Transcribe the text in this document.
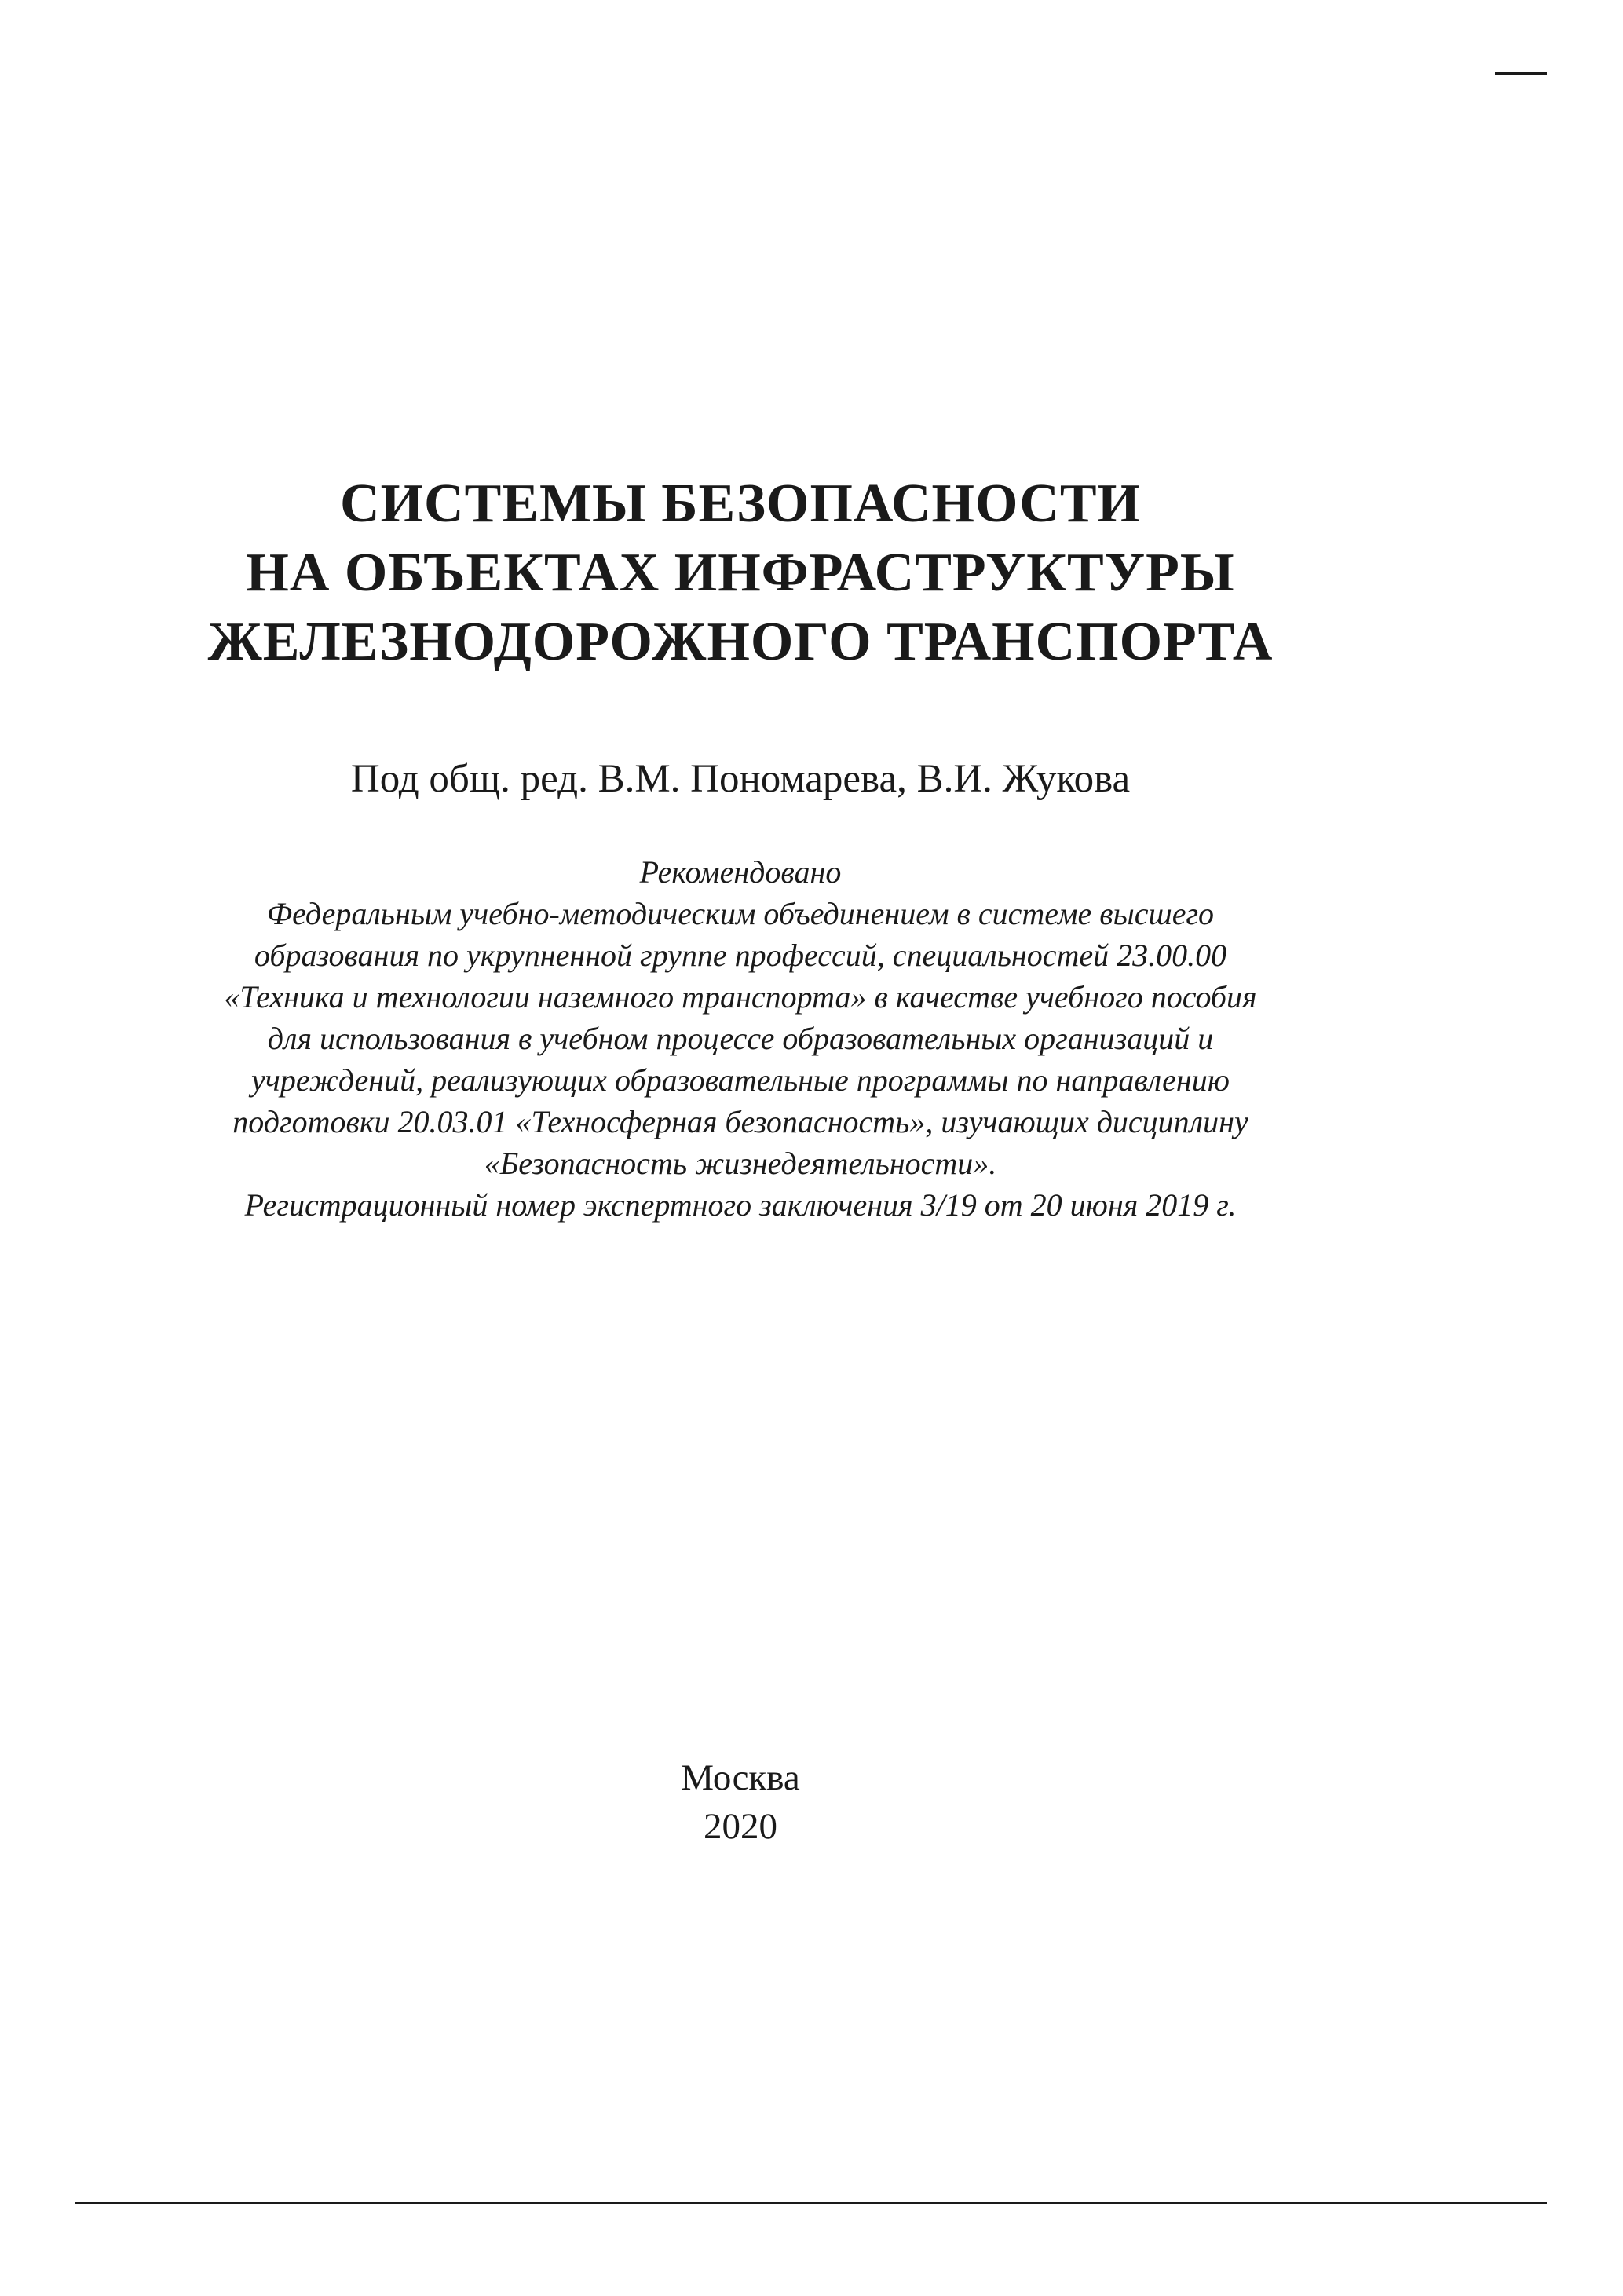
СИСТЕМЫ БЕЗОПАСНОСТИ
НА ОБЪЕКТАХ ИНФРАСТРУКТУРЫ
ЖЕЛЕЗНОДОРОЖНОГО ТРАНСПОРТА
Под общ. ред. В.М. Пономарева, В.И. Жукова
Рекомендовано
Федеральным учебно-методическим объединением в системе высшего
образования по укрупненной группе профессий, специальностей 23.00.00
«Техника и технологии наземного транспорта» в качестве учебного пособия
для использования в учебном процессе образовательных организаций и
учреждений, реализующих образовательные программы по направлению
подготовки 20.03.01 «Техносферная безопасность», изучающих дисциплину
«Безопасность жизнедеятельности».
Регистрационный номер экспертного заключения 3/19 от 20 июня 2019 г.
Москва
2020
